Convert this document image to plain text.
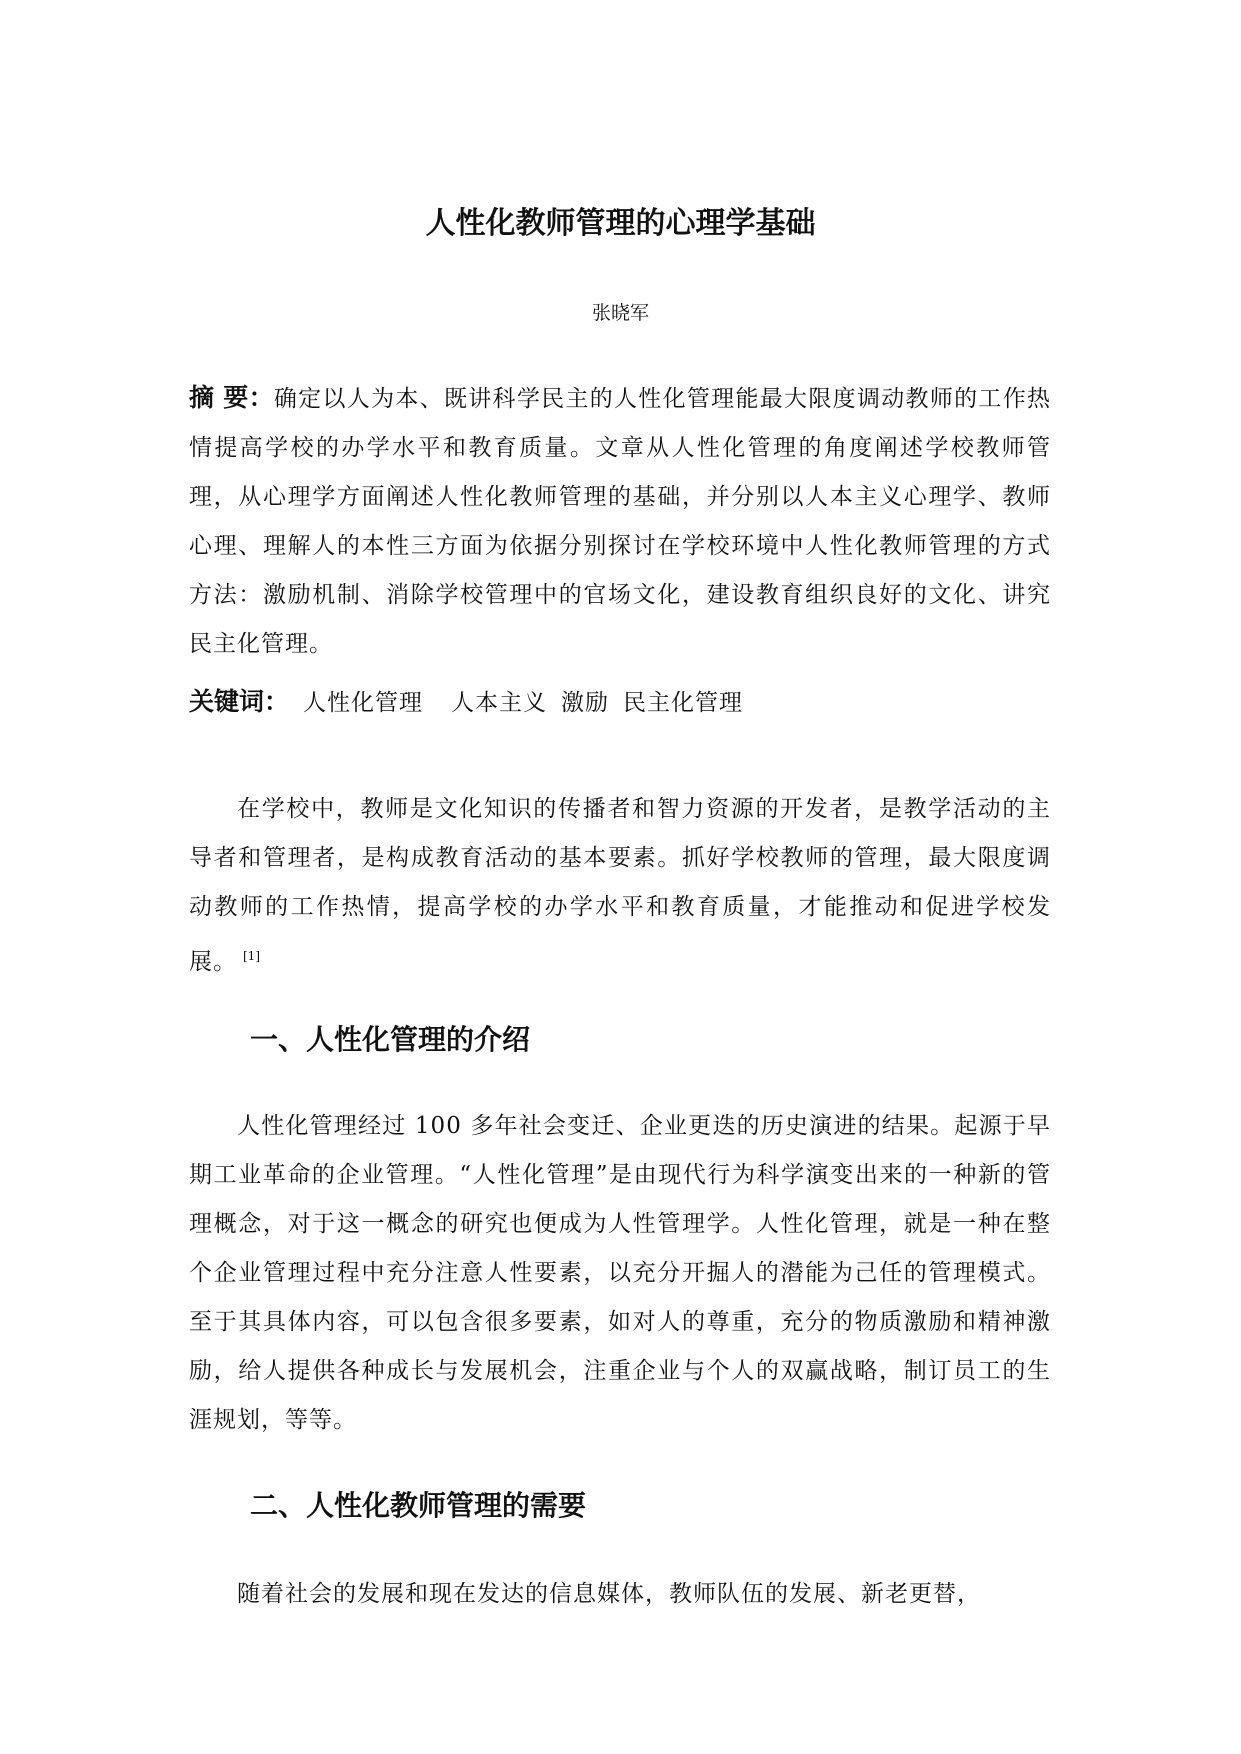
人性化教师管理的心理学基础

张晓军

摘 要：确定以人为本、既讲科学民主的人性化管理能最大限度调动教师的工作热情提高学校的办学水平和教育质量。文章从人性化管理的角度阐述学校教师管理，从心理学方面阐述人性化教师管理的基础，并分别以人本主义心理学、教师心理、理解人的本性三方面为依据分别探讨在学校环境中人性化教师管理的方式方法：激励机制、消除学校管理中的官场文化，建设教育组织良好的文化、讲究民主化管理。

关键词： 人性化管理 人本主义 激励 民主化管理

在学校中，教师是文化知识的传播者和智力资源的开发者，是教学活动的主导者和管理者，是构成教育活动的基本要素。抓好学校教师的管理，最大限度调动教师的工作热情，提高学校的办学水平和教育质量，才能推动和促进学校发展。 [1]

一、人性化管理的介绍

人性化管理经过 100 多年社会变迁、企业更迭的历史演进的结果。起源于早期工业革命的企业管理。“人性化管理”是由现代行为科学演变出来的一种新的管理概念，对于这一概念的研究也便成为人性管理学。人性化管理，就是一种在整个企业管理过程中充分注意人性要素，以充分开掘人的潜能为己任的管理模式。至于其具体内容，可以包含很多要素，如对人的尊重，充分的物质激励和精神激励，给人提供各种成长与发展机会，注重企业与个人的双赢战略，制订员工的生涯规划，等等。

二、人性化教师管理的需要

随着社会的发展和现在发达的信息媒体，教师队伍的发展、新老更替，
